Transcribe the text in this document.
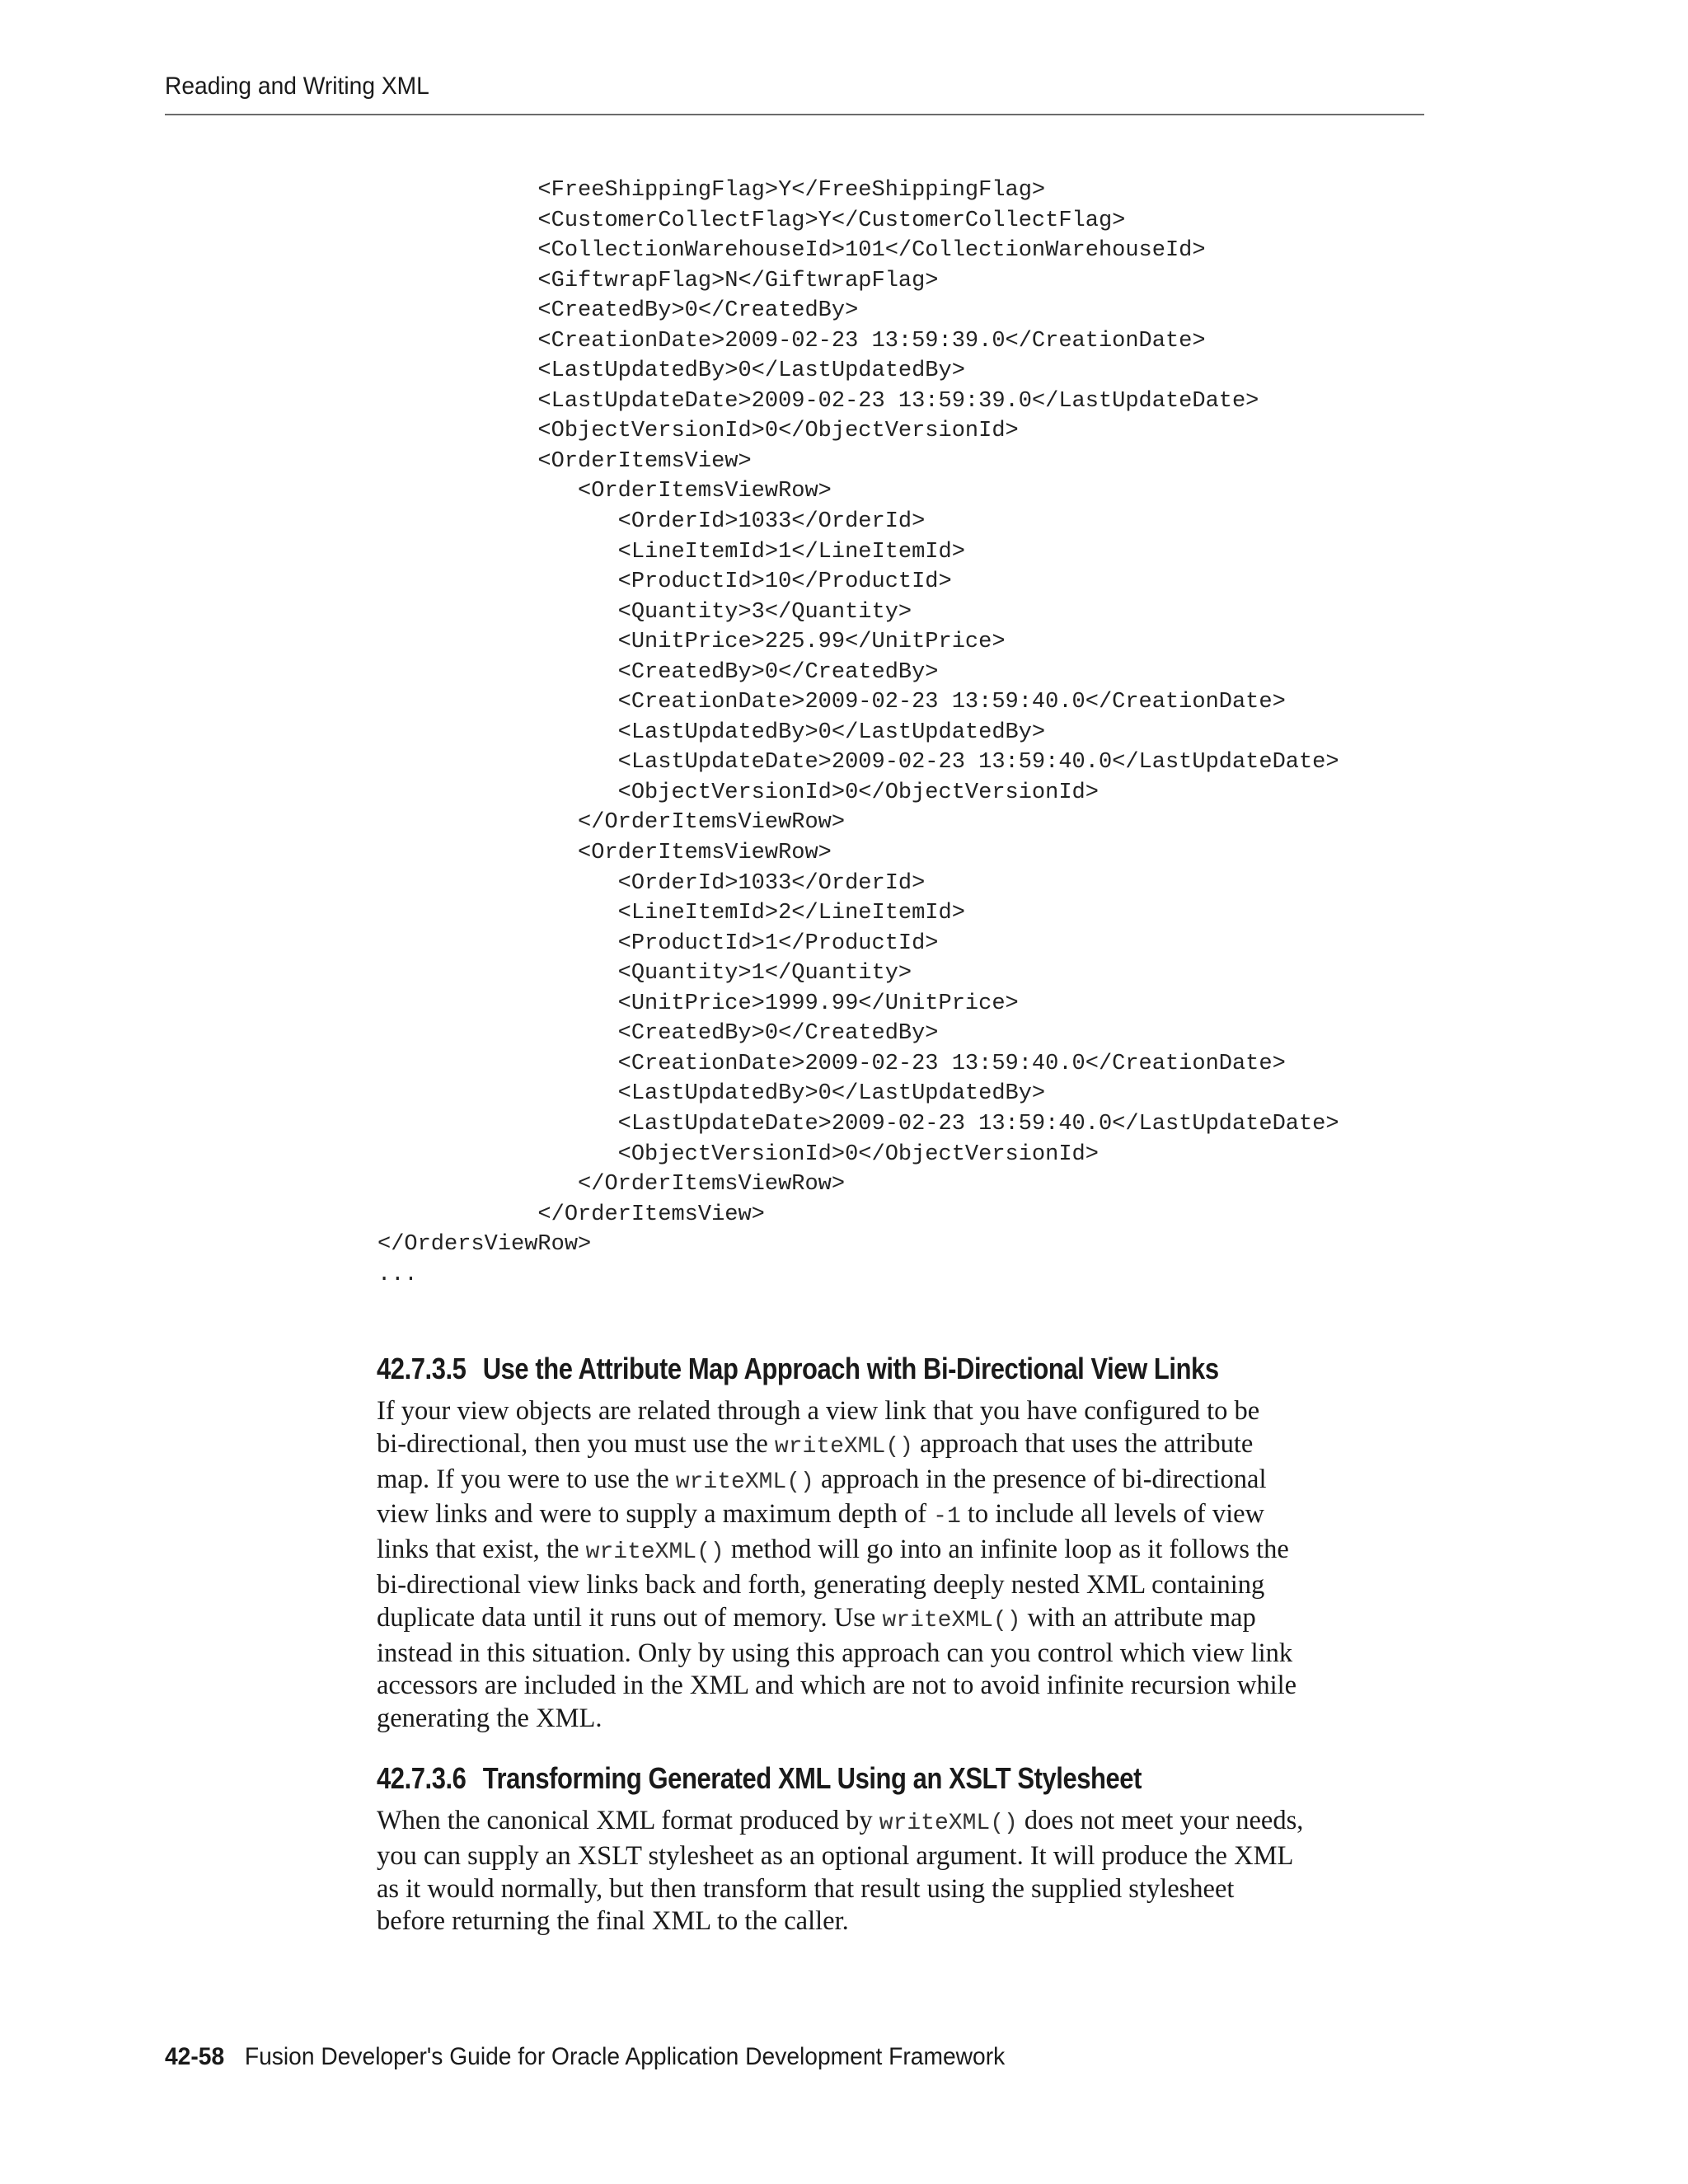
Reading and Writing XML
<FreeShippingFlag>Y</FreeShippingFlag>
<CustomerCollectFlag>Y</CustomerCollectFlag>
<CollectionWarehouseId>101</CollectionWarehouseId>
<GiftwrapFlag>N</GiftwrapFlag>
<CreatedBy>0</CreatedBy>
<CreationDate>2009-02-23 13:59:39.0</CreationDate>
<LastUpdatedBy>0</LastUpdatedBy>
<LastUpdateDate>2009-02-23 13:59:39.0</LastUpdateDate>
<ObjectVersionId>0</ObjectVersionId>
<OrderItemsView>
<OrderItemsViewRow>
<OrderId>1033</OrderId>
<LineItemId>1</LineItemId>
<ProductId>10</ProductId>
<Quantity>3</Quantity>
<UnitPrice>225.99</UnitPrice>
<CreatedBy>0</CreatedBy>
<CreationDate>2009-02-23 13:59:40.0</CreationDate>
<LastUpdatedBy>0</LastUpdatedBy>
<LastUpdateDate>2009-02-23 13:59:40.0</LastUpdateDate>
<ObjectVersionId>0</ObjectVersionId>
</OrderItemsViewRow>
<OrderItemsViewRow>
<OrderId>1033</OrderId>
<LineItemId>2</LineItemId>
<ProductId>1</ProductId>
<Quantity>1</Quantity>
<UnitPrice>1999.99</UnitPrice>
<CreatedBy>0</CreatedBy>
<CreationDate>2009-02-23 13:59:40.0</CreationDate>
<LastUpdatedBy>0</LastUpdatedBy>
<LastUpdateDate>2009-02-23 13:59:40.0</LastUpdateDate>
<ObjectVersionId>0</ObjectVersionId>
</OrderItemsViewRow>
</OrderItemsView>
</OrdersViewRow>
...
42.7.3.5 Use the Attribute Map Approach with Bi-Directional View Links

If your view objects are related through a view link that you have configured to be
bi-directional, then you must use the writeXML() approach that uses the attribute
map. If you were to use the writeXML() approach in the presence of bi-directional
view links and were to supply a maximum depth of -1 to include all levels of view
links that exist, the writeXML() method will go into an infinite loop as it follows the
bi-directional view links back and forth, generating deeply nested XML containing
duplicate data until it runs out of memory. Use writeXML() with an attribute map
instead in this situation. Only by using this approach can you control which view link
accessors are included in the XML and which are not to avoid infinite recursion while
generating the XML.

42.7.3.6 Transforming Generated XML Using an XSLT Stylesheet

When the canonical XML format produced by writeXML() does not meet your needs,
you can supply an XSLT stylesheet as an optional argument. It will produce the XML
as it would normally, but then transform that result using the supplied stylesheet
before returning the final XML to the caller.

42-58 Fusion Developer's Guide for Oracle Application Development Framework
